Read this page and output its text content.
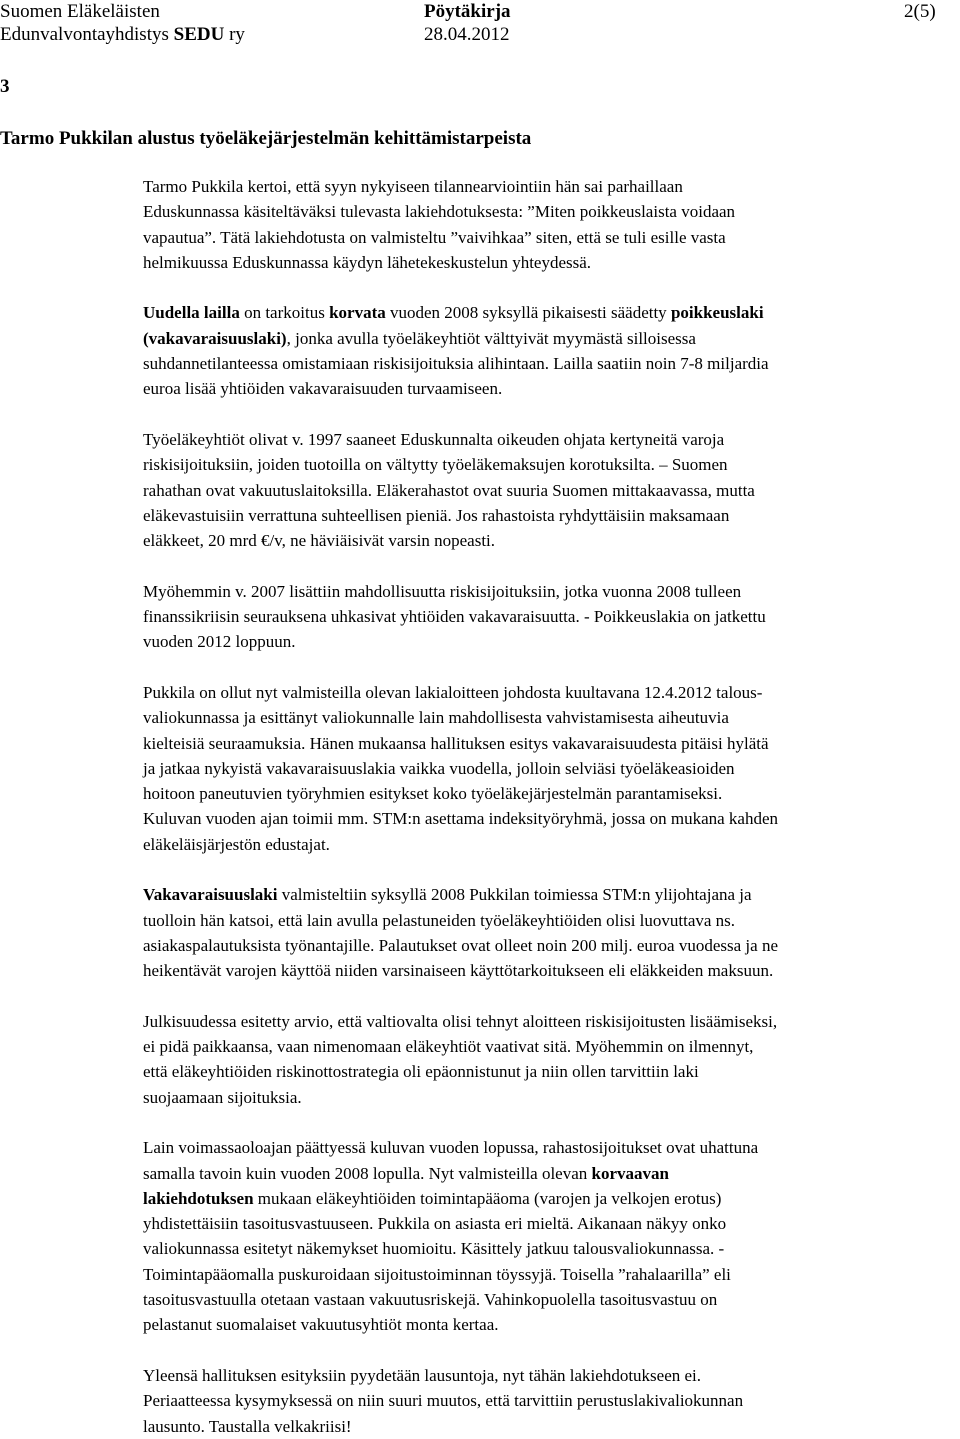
Suomen Eläkeläisten
Edunvalvontayhdistys SEDU ry
Pöytäkirja
28.04.2012
2(5)
3
Tarmo Pukkilan alustus työeläkejärjestelmän kehittämistarpeista
Tarmo Pukkila kertoi, että syyn nykyiseen tilannearviointiin hän sai parhaillaan
Eduskunnassa käsiteltäväksi tulevasta lakiehdotuksesta: ”Miten poikkeuslaista voidaan
vapautua”. Tätä lakiehdotusta on valmisteltu ”vaivihkaa” siten, että se tuli esille vasta
helmikuussa Eduskunnassa käydyn lähetekeskustelun yhteydessä.
Uudella lailla on tarkoitus korvata vuoden 2008 syksyllä pikaisesti säädetty poikkeuslaki
(vakavaraisuuslaki), jonka avulla työeläkeyhtiöt välttyivät myymästä silloisessa
suhdannetilanteessa omistamiaan riskisijoituksia alihintaan. Lailla saatiin noin 7-8 miljardia
euroa lisää yhtiöiden vakavaraisuuden turvaamiseen.
Työeläkeyhtiöt olivat v. 1997 saaneet Eduskunnalta oikeuden ohjata kertyneitä varoja
riskisijoituksiin, joiden tuotoilla on vältytty työeläkemaksujen korotuksilta. – Suomen
rahathan ovat vakuutuslaitoksilla. Eläkerahastot ovat suuria Suomen mittakaavassa, mutta
eläkevastuisiin verrattuna suhteellisen pieniä. Jos rahastoista ryhdyttäisiin maksamaan
eläkkeet, 20 mrd €/v, ne häviäisivät varsin nopeasti.
Myöhemmin v. 2007 lisättiin mahdollisuutta riskisijoituksiin, jotka vuonna 2008 tulleen
finanssikriisin seurauksena uhkasivat yhtiöiden vakavaraisuutta. - Poikkeuslakia on jatkettu
vuoden 2012 loppuun.
Pukkila on ollut nyt valmisteilla olevan lakialoitteen johdosta kuultavana 12.4.2012 talous-
valiokunnassa ja esittänyt valiokunnalle lain mahdollisesta vahvistamisesta aiheutuvia
kielteisiä seuraamuksia. Hänen mukaansa hallituksen esitys vakavaraisuudesta pitäisi hylätä
ja jatkaa nykyistä vakavaraisuuslakia vaikka vuodella, jolloin selviäsi työeläkeasioiden
hoitoon paneutuvien työryhmien esitykset koko työeläkejärjestelmän parantamiseksi.
Kuluvan vuoden ajan toimii mm. STM:n asettama indeksityöryhmä, jossa on mukana kahden
eläkeläisjärjestön edustajat.
Vakavaraisuuslaki valmisteltiin syksyllä 2008 Pukkilan toimiessa STM:n ylijohtajana ja
tuolloin hän katsoi, että lain avulla pelastuneiden työeläkeyhtiöiden olisi luovuttava ns.
asiakaspalautuksista työnantajille. Palautukset ovat olleet noin 200 milj. euroa vuodessa ja ne
heikentävät varojen käyttöä niiden varsinaiseen käyttötarkoitukseen eli eläkkeiden maksuun.
Julkisuudessa esitetty arvio, että valtiovalta olisi tehnyt aloitteen riskisijoitusten lisäämiseksi,
ei pidä paikkaansa, vaan nimenomaan eläkeyhtiöt vaativat sitä. Myöhemmin on ilmennyt,
että eläkeyhtiöiden riskinottostrategia oli epäonnistunut ja niin ollen tarvittiin laki
suojaamaan sijoituksia.
Lain voimassaoloajan päättyessä kuluvan vuoden lopussa, rahastosijoitukset ovat uhattuna
samalla tavoin kuin vuoden 2008 lopulla. Nyt valmisteilla olevan korvaavan
lakiehdotuksen mukaan eläkeyhtiöiden toimintapääoma (varojen ja velkojen erotus)
yhdistettäisiin tasoitusvastuuseen. Pukkila on asiasta eri mieltä. Aikanaan näkyy onko
valiokunnassa esitetyt näkemykset huomioitu. Käsittely jatkuu talousvaliokunnassa. -
Toimintapääomalla puskuroidaan sijoitustoiminnan töyssyjä. Toisella ”rahalaarilla” eli
tasoitusvastuulla otetaan vastaan vakuutusriskejä. Vahinkopuolella tasoitusvastuu on
pelastanut suomalaiset vakuutusyhtiöt monta kertaa.
Yleensä hallituksen esityksiin pyydetään lausuntoja, nyt tähän lakiehdotukseen ei.
Periaatteessa kysymyksessä on niin suuri muutos, että tarvittiin perustuslakivaliokunnan
lausunto. Taustalla velkakriisi!
